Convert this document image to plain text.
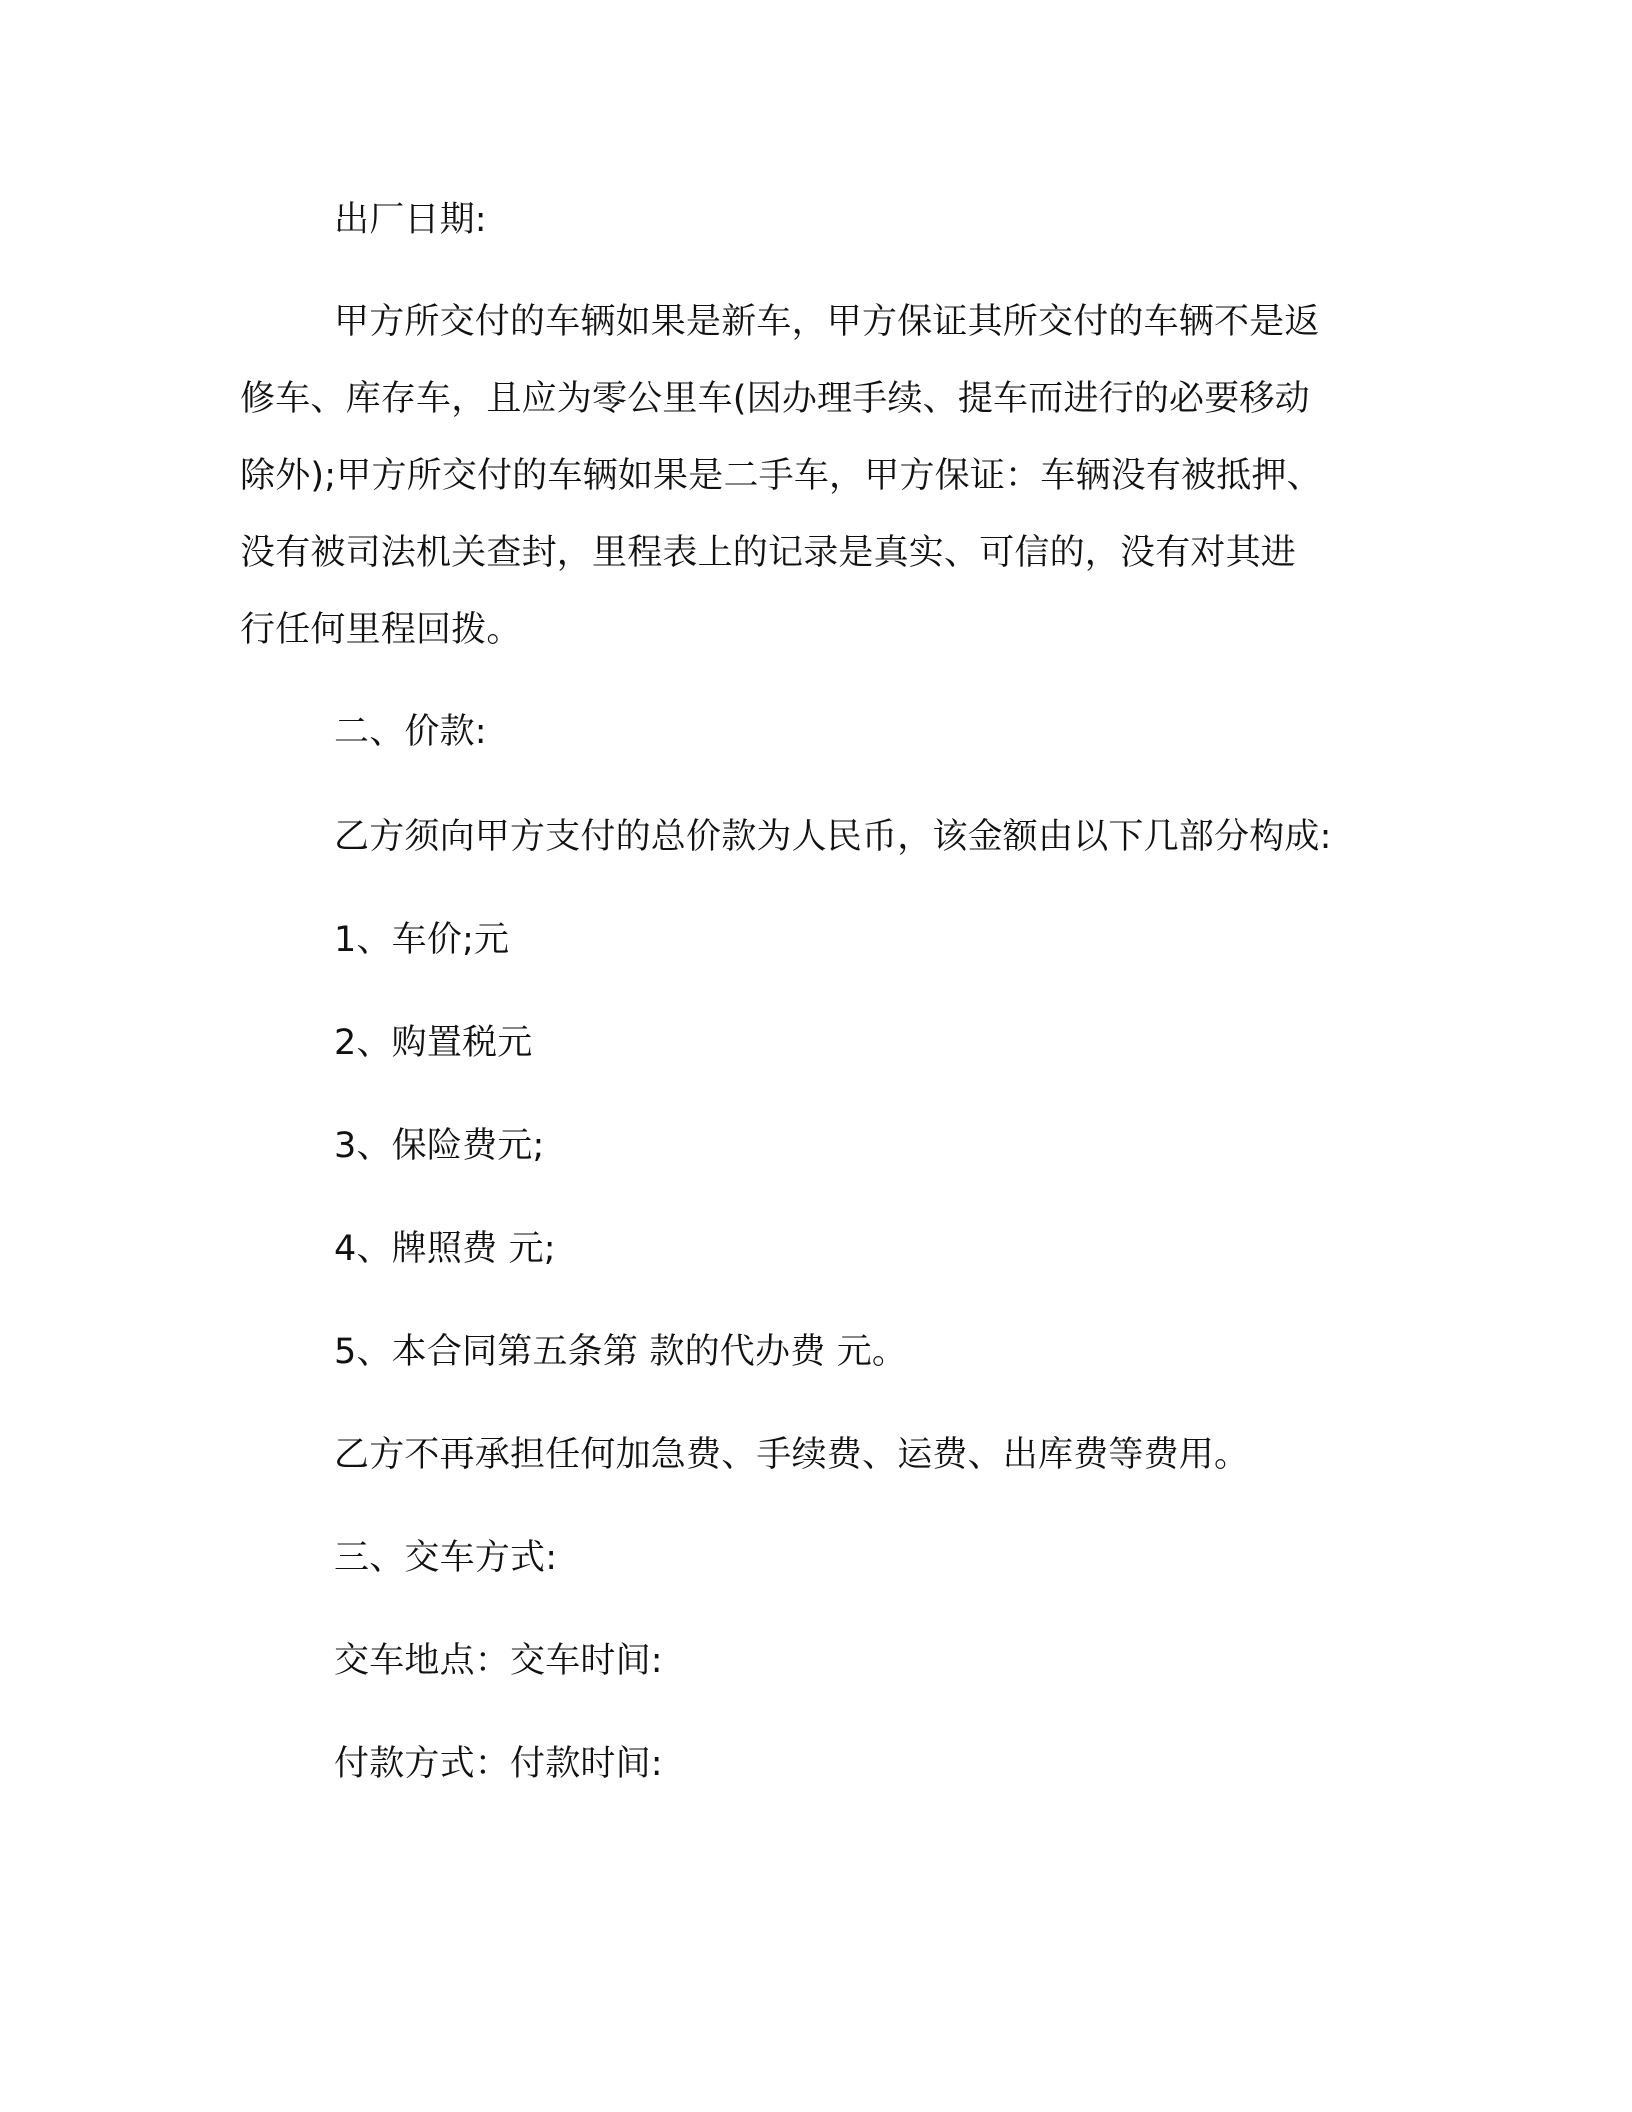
出厂日期:
甲方所交付的车辆如果是新车，甲方保证其所交付的车辆不是返
修车、库存车，且应为零公里车(因办理手续、提车而进行的必要移动
除外);甲方所交付的车辆如果是二手车，甲方保证：车辆没有被抵押、
没有被司法机关查封，里程表上的记录是真实、可信的，没有对其进
行任何里程回拨。
二、价款:
乙方须向甲方支付的总价款为人民币，该金额由以下几部分构成:
1、车价;元
2、购置税元
3、保险费元;
4、牌照费 元;
5、本合同第五条第 款的代办费 元。
乙方不再承担任何加急费、手续费、运费、出库费等费用。
三、交车方式:
交车地点：交车时间:
付款方式：付款时间:
